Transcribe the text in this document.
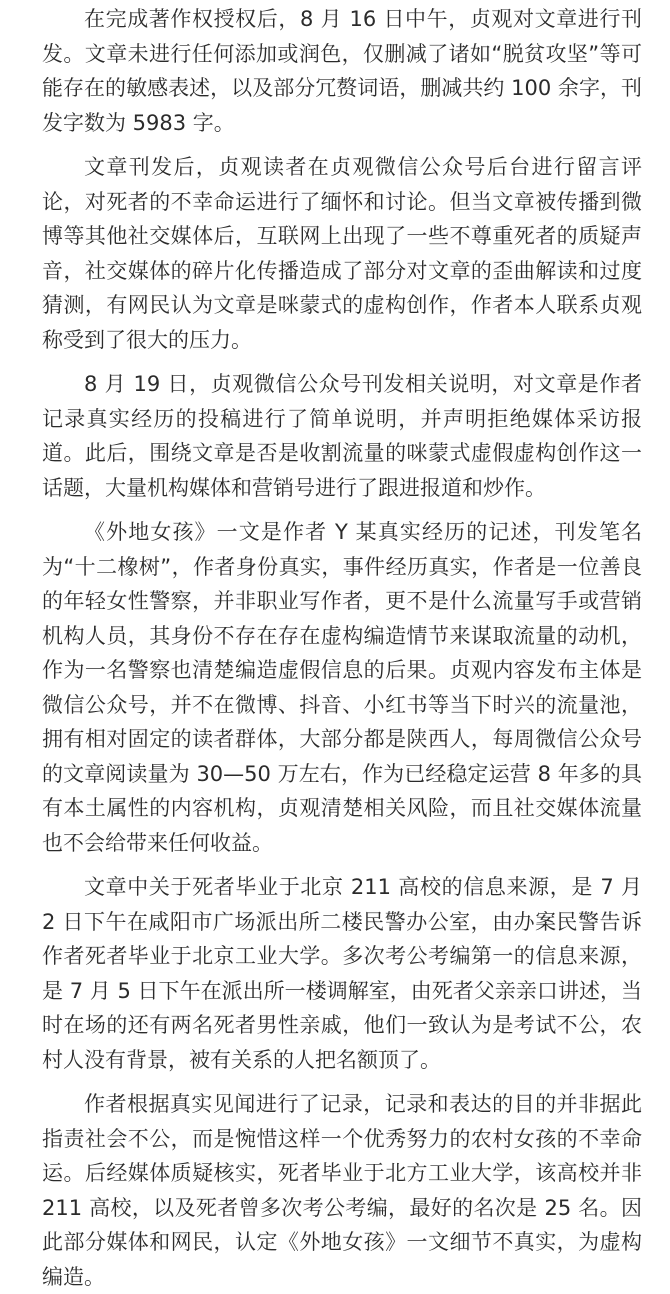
在完成著作权授权后，8 月 16 日中午，贞观对文章进行刊发。文章未进行任何添加或润色，仅删减了诸如“脱贫攻坚”等可能存在的敏感表述，以及部分冗赘词语，删减共约 100 余字，刊发字数为 5983 字。

文章刊发后，贞观读者在贞观微信公众号后台进行留言评论，对死者的不幸命运进行了缅怀和讨论。但当文章被传播到微博等其他社交媒体后，互联网上出现了一些不尊重死者的质疑声音，社交媒体的碎片化传播造成了部分对文章的歪曲解读和过度猜测，有网民认为文章是咪蒙式的虚构创作，作者本人联系贞观称受到了很大的压力。

8 月 19 日，贞观微信公众号刊发相关说明，对文章是作者记录真实经历的投稿进行了简单说明，并声明拒绝媒体采访报道。此后，围绕文章是否是收割流量的咪蒙式虚假虚构创作这一话题，大量机构媒体和营销号进行了跟进报道和炒作。

《外地女孩》一文是作者 Y 某真实经历的记述，刊发笔名为“十二橡树”，作者身份真实，事件经历真实，作者是一位善良的年轻女性警察，并非职业写作者，更不是什么流量写手或营销机构人员，其身份不存在存在虚构编造情节来谋取流量的动机，作为一名警察也清楚编造虚假信息的后果。贞观内容发布主体是微信公众号，并不在微博、抖音、小红书等当下时兴的流量池，拥有相对固定的读者群体，大部分都是陕西人，每周微信公众号的文章阅读量为 30—50 万左右，作为已经稳定运营 8 年多的具有本土属性的内容机构，贞观清楚相关风险，而且社交媒体流量也不会给带来任何收益。

文章中关于死者毕业于北京 211 高校的信息来源，是 7 月 2 日下午在咸阳市广场派出所二楼民警办公室，由办案民警告诉作者死者毕业于北京工业大学。多次考公考编第一的信息来源，是 7 月 5 日下午在派出所一楼调解室，由死者父亲亲口讲述，当时在场的还有两名死者男性亲戚，他们一致认为是考试不公，农村人没有背景，被有关系的人把名额顶了。

作者根据真实见闻进行了记录，记录和表达的目的并非据此指责社会不公，而是惋惜这样一个优秀努力的农村女孩的不幸命运。后经媒体质疑核实，死者毕业于北方工业大学，该高校并非 211 高校，以及死者曾多次考公考编，最好的名次是 25 名。因此部分媒体和网民，认定《外地女孩》一文细节不真实，为虚构编造。
